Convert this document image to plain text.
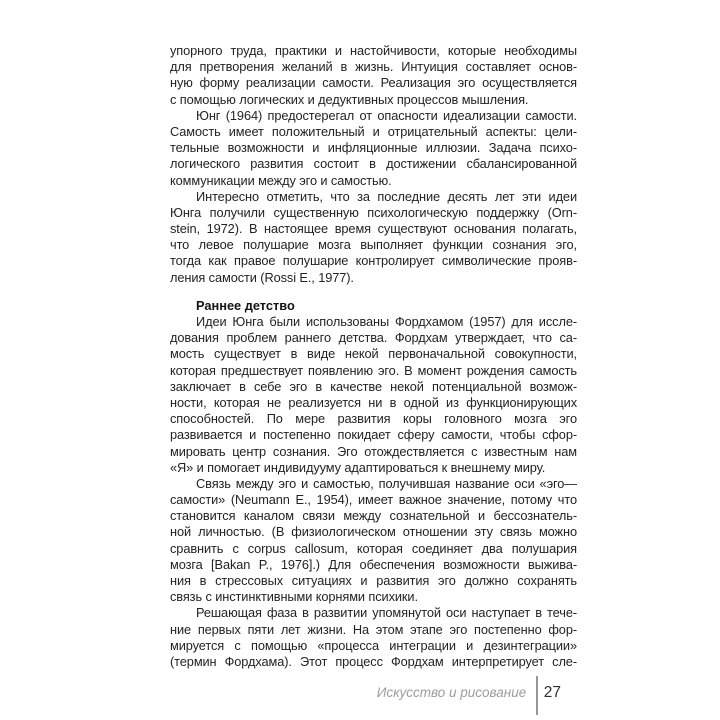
упорного труда, практики и настойчивости, которые необходимы
для претворения желаний в жизнь. Интуиция составляет основ-
ную форму реализации самости. Реализация эго осуществляется
с помощью логических и дедуктивных процессов мышления.
Юнг (1964) предостерегал от опасности идеализации самости.
Самость имеет положительный и отрицательный аспекты: цели-
тельные возможности и инфляционные иллюзии. Задача психо-
логического развития состоит в достижении сбалансированной
коммуникации между эго и самостью.
Интересно отметить, что за последние десять лет эти идеи
Юнга получили существенную психологическую поддержку (Orn-
stein, 1972). В настоящее время существуют основания полагать,
что левое полушарие мозга выполняет функции сознания эго,
тогда как правое полушарие контролирует символические прояв-
ления самости (Rossi E., 1977).
Раннее детство
Идеи Юнга были использованы Фордхамом (1957) для иссле-
дования проблем раннего детства. Фордхам утверждает, что са-
мость существует в виде некой первоначальной совокупности,
которая предшествует появлению эго. В момент рождения самость
заключает в себе эго в качестве некой потенциальной возмож-
ности, которая не реализуется ни в одной из функционирующих
способностей. По мере развития коры головного мозга эго
развивается и постепенно покидает сферу самости, чтобы сфор-
мировать центр сознания. Эго отождествляется с известным нам
«Я» и помогает индивидууму адаптироваться к внешнему миру.
Связь между эго и самостью, получившая название оси «эго—
самости» (Neumann E., 1954), имеет важное значение, потому что
становится каналом связи между сознательной и бессознатель-
ной личностью. (В физиологическом отношении эту связь можно
сравнить с corpus callosum, которая соединяет два полушария
мозга [Bakan P., 1976].) Для обеспечения возможности выжива-
ния в стрессовых ситуациях и развития эго должно сохранять
связь с инстинктивными корнями психики.
Решающая фаза в развитии упомянутой оси наступает в тече-
ние первых пяти лет жизни. На этом этапе эго постепенно фор-
мируется с помощью «процесса интеграции и дезинтеграции»
(термин Фордхама). Этот процесс Фордхам интерпретирует сле-
Искусство и рисование 27
